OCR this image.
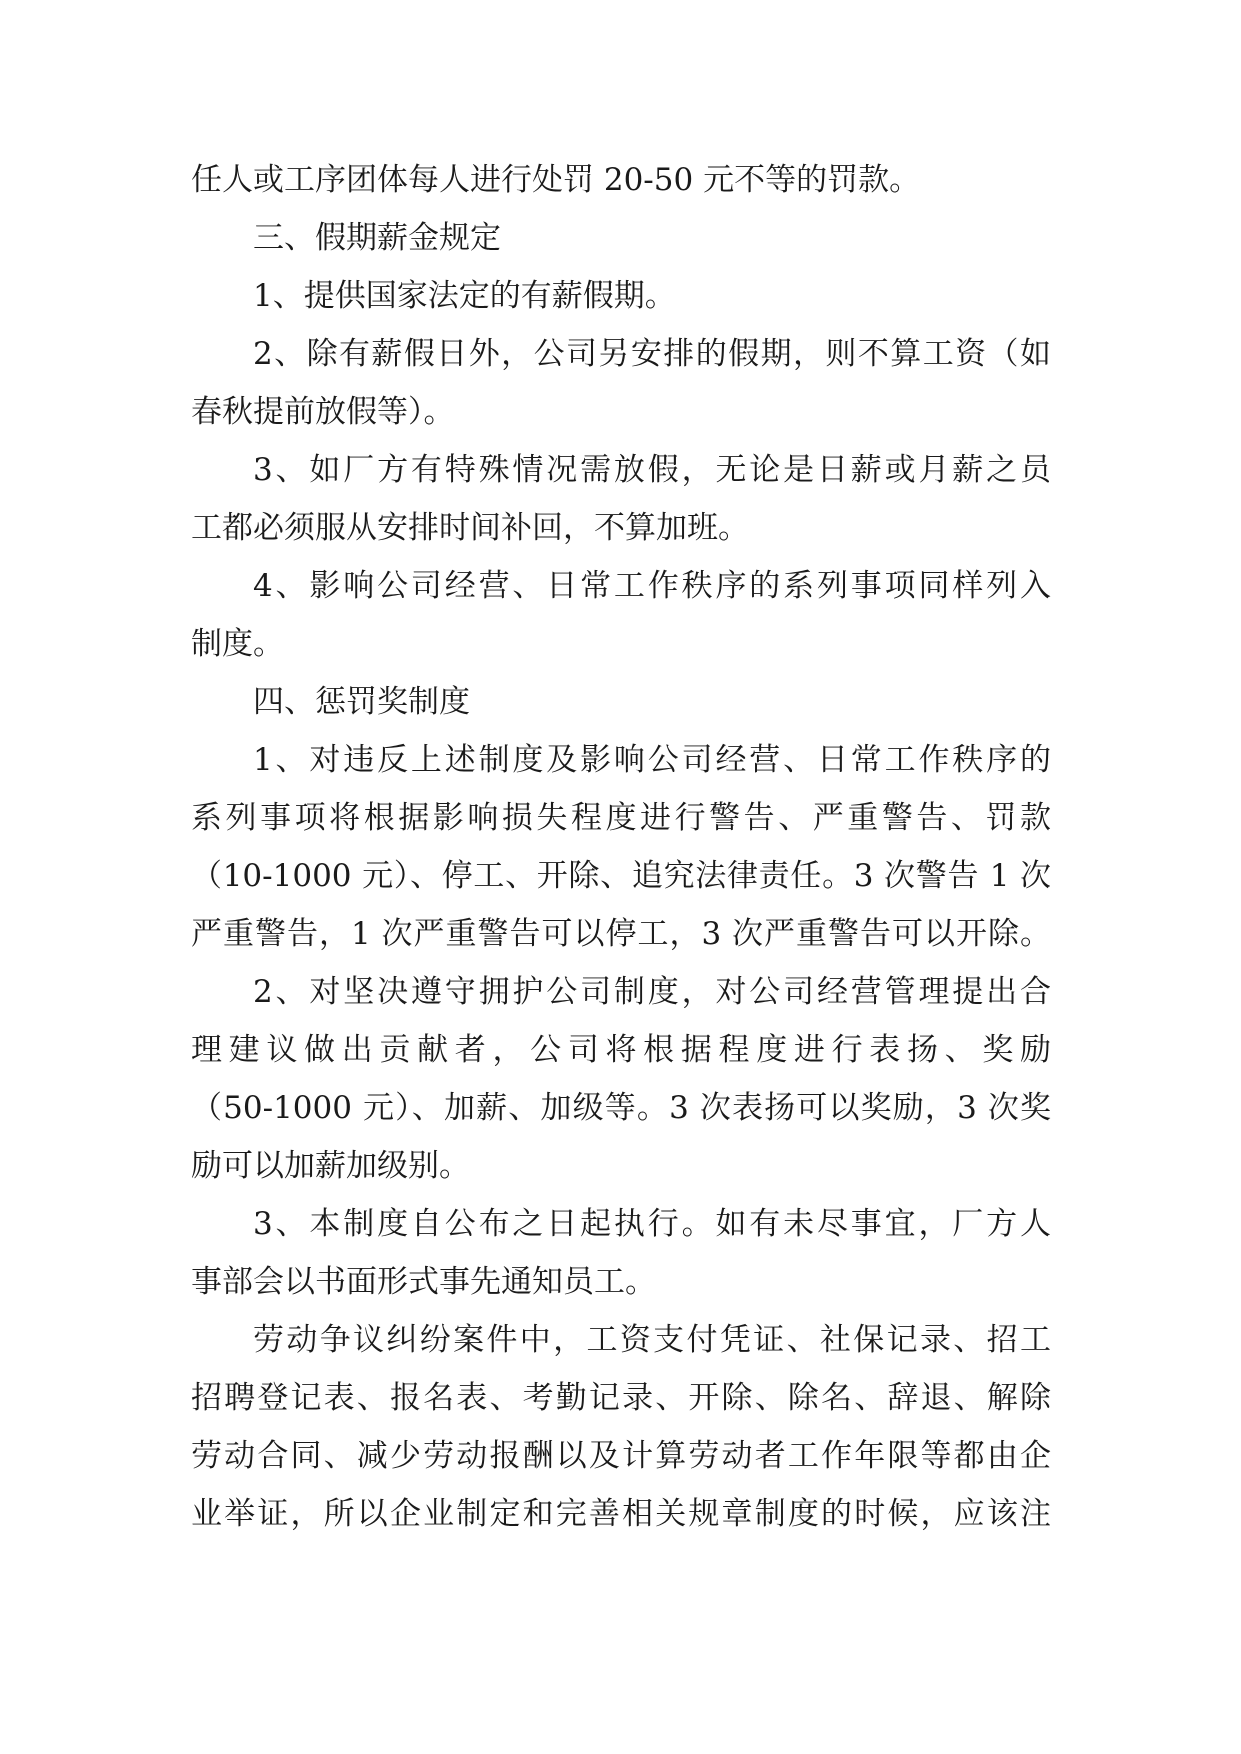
任人或工序团体每人进行处罚 20-50 元不等的罚款。
三、假期薪金规定
1、提供国家法定的有薪假期。
2、除有薪假日外，公司另安排的假期，则不算工资（如
春秋提前放假等）。
3、如厂方有特殊情况需放假，无论是日薪或月薪之员
工都必须服从安排时间补回，不算加班。
4、影响公司经营、日常工作秩序的系列事项同样列入
制度。
四、惩罚奖制度
1、对违反上述制度及影响公司经营、日常工作秩序的
系列事项将根据影响损失程度进行警告、严重警告、罚款
（10-1000 元）、停工、开除、追究法律责任。3 次警告 1 次
严重警告，1 次严重警告可以停工，3 次严重警告可以开除。
2、对坚决遵守拥护公司制度，对公司经营管理提出合
理建议做出贡献者，公司将根据程度进行表扬、奖励
（50-1000 元）、加薪、加级等。3 次表扬可以奖励，3 次奖
励可以加薪加级别。
3、本制度自公布之日起执行。如有未尽事宜，厂方人
事部会以书面形式事先通知员工。
劳动争议纠纷案件中，工资支付凭证、社保记录、招工
招聘登记表、报名表、考勤记录、开除、除名、辞退、解除
劳动合同、减少劳动报酬以及计算劳动者工作年限等都由企
业举证，所以企业制定和完善相关规章制度的时候，应该注
